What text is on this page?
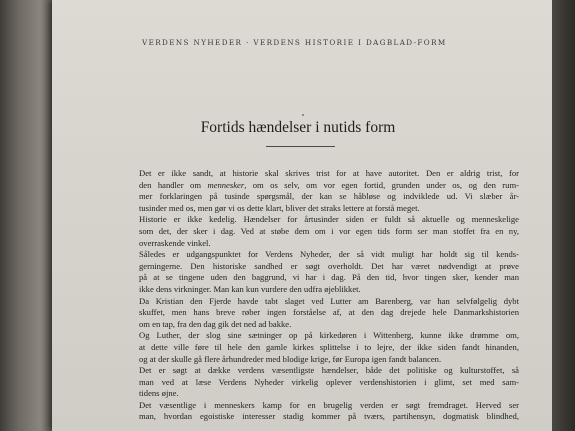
VERDENS NYHEDER · VERDENS HISTORIE I DAGBLAD-FORM
Fortids hændelser i nutids form
Det er ikke sandt, at historie skal skrives trist for at have autoritet. Den er aldrig trist, for
den handler om mennesker, om os selv, om vor egen fortid, grunden under os, og den rum-
mer forklaringen på tusinde spørgsmål, der kan se håbløse og indviklede ud. Vi slæber år-
tusinder med os, men gør vi os dette klart, bliver det straks lettere at forstå meget.
Historie er ikke kedelig. Hændelser for årtusinder siden er fuldt så aktuelle og menneskelige
som det, der sker i dag. Ved at støbe dem om i vor egen tids form ser man stoffet fra en ny,
overraskende vinkel.
Således er udgangspunktet for Verdens Nyheder, der så vidt muligt har holdt sig til kends-
gerningerne. Den historiske sandhed er søgt overholdt. Det har været nødvendigt at prøve
på at se tingene uden den baggrund, vi har i dag. På den tid, hvor tingen sker, kender man
ikke dens virkninger. Man kan kun vurdere den udfra øjeblikket.
Da Kristian den Fjerde havde tabt slaget ved Lutter am Barenberg, var han selvfølgelig dybt
skuffet, men hans breve røber ingen forståelse af, at den dag drejede hele Danmarkshistorien
om en tap, fra den dag gik det ned ad bakke.
Og Luther, der slog sine sætninger op på kirkedøren i Wittenberg, kunne ikke drømme om,
at dette ville føre til hele den gamle kirkes splittelse i to lejre, der ikke siden fandt hinanden,
og at der skulle gå flere århundreder med blodige krige, før Europa igen fandt balancen.
Det er søgt at dække verdens væsentligste hændelser, både det politiske og kulturstoffet, så
man ved at læse Verdens Nyheder virkelig oplever verdenshistorien i glimt, set med sam-
tidens øjne.
Det væsentlige i menneskers kamp for en brugelig verden er søgt fremdraget. Herved ser
man, hvordan egoistiske interesser stadig kommer på tværs, partihensyn, dogmatisk blindhed,
